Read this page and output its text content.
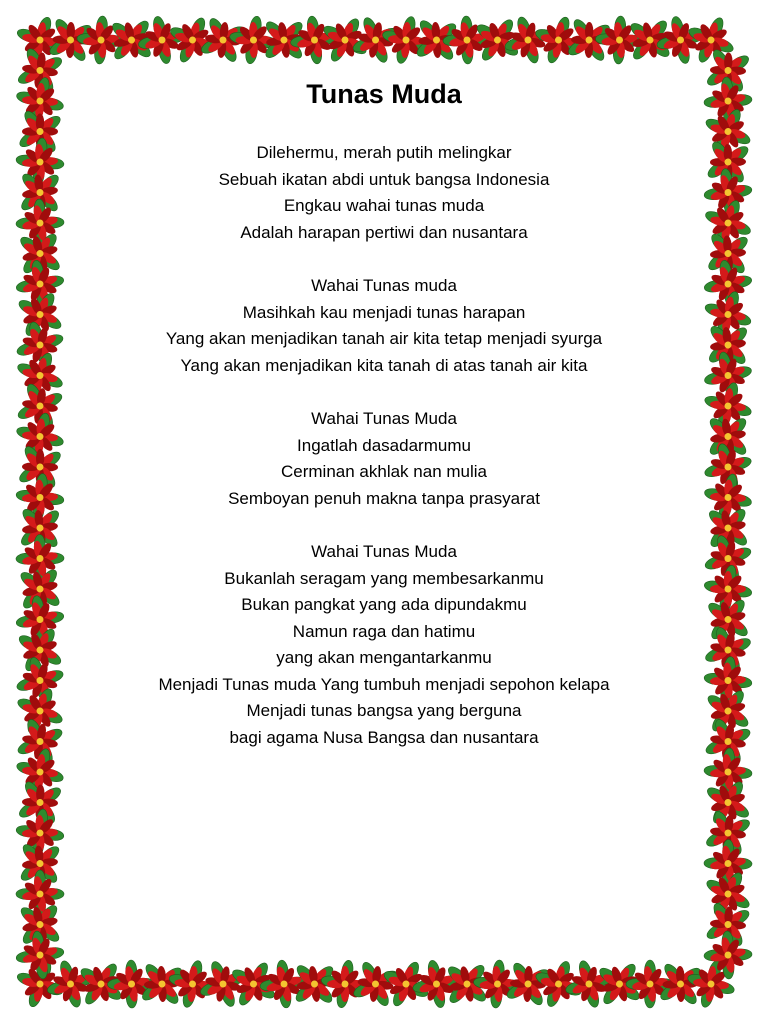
Tunas Muda
Dilehermu, merah putih melingkar
Sebuah ikatan abdi untuk bangsa Indonesia
Engkau wahai tunas muda
Adalah harapan pertiwi dan nusantara
Wahai Tunas muda
Masihkah kau menjadi tunas harapan
Yang akan menjadikan tanah air kita tetap menjadi syurga
Yang akan menjadikan kita tanah di atas tanah air kita
Wahai Tunas Muda
Ingatlah dasadarmumu
Cerminan akhlak nan mulia
Semboyan penuh makna tanpa prasyarat
Wahai Tunas Muda
Bukanlah seragam yang membesarkanmu
Bukan pangkat yang ada dipundakmu
Namun raga dan hatimu
yang akan mengantarkanmu
Menjadi Tunas muda Yang tumbuh menjadi sepohon kelapa
Menjadi tunas bangsa yang berguna
bagi agama Nusa Bangsa dan nusantara
